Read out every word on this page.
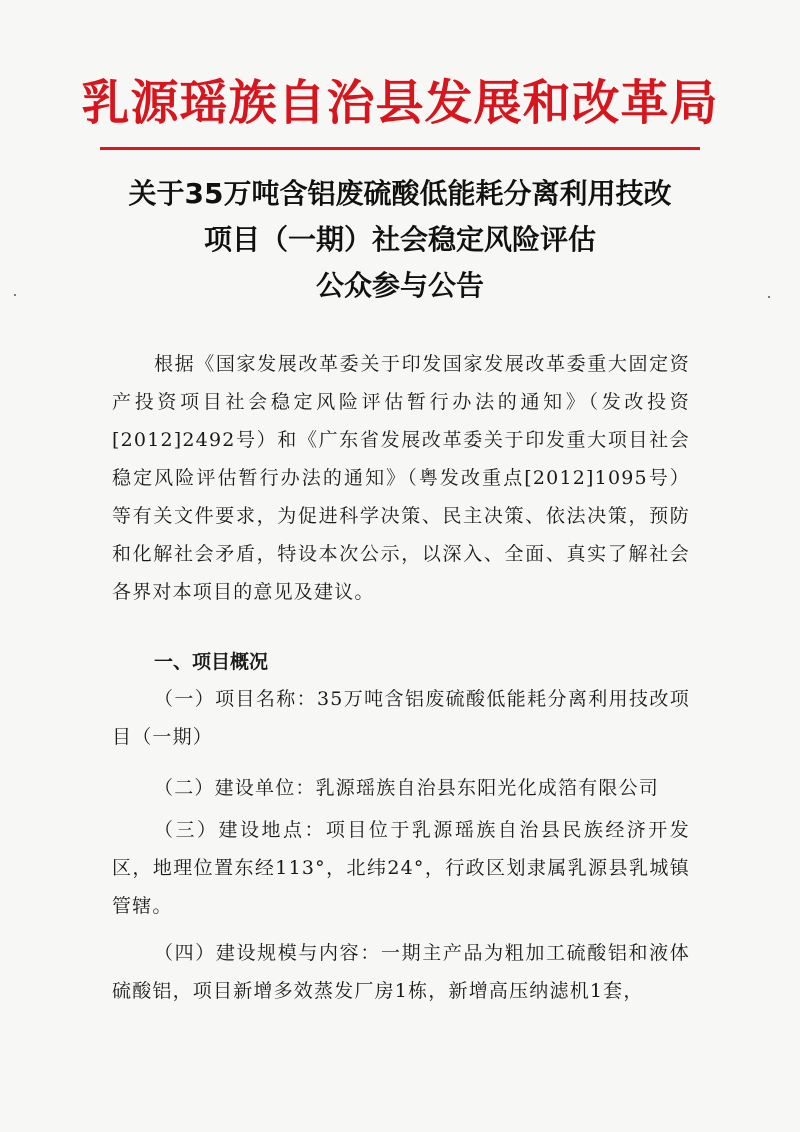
乳源瑶族自治县发展和改革局
关于35万吨含铝废硫酸低能耗分离利用技改
项目（一期）社会稳定风险评估
公众参与公告

根据《国家发展改革委关于印发国家发展改革委重大固定资产投资项目社会稳定风险评估暂行办法的通知》（发改投资[2012]2492号）和《广东省发展改革委关于印发重大项目社会稳定风险评估暂行办法的通知》（粤发改重点[2012]1095号）等有关文件要求，为促进科学决策、民主决策、依法决策，预防和化解社会矛盾，特设本次公示，以深入、全面、真实了解社会各界对本项目的意见及建议。

一、项目概况

（一）项目名称：35万吨含铝废硫酸低能耗分离利用技改项目（一期）

（二）建设单位：乳源瑶族自治县东阳光化成箔有限公司

（三）建设地点：项目位于乳源瑶族自治县民族经济开发区，地理位置东经113°，北纬24°，行政区划隶属乳源县乳城镇管辖。

（四）建设规模与内容：一期主产品为粗加工硫酸铝和液体硫酸铝，项目新增多效蒸发厂房1栋，新增高压纳滤机1套，
